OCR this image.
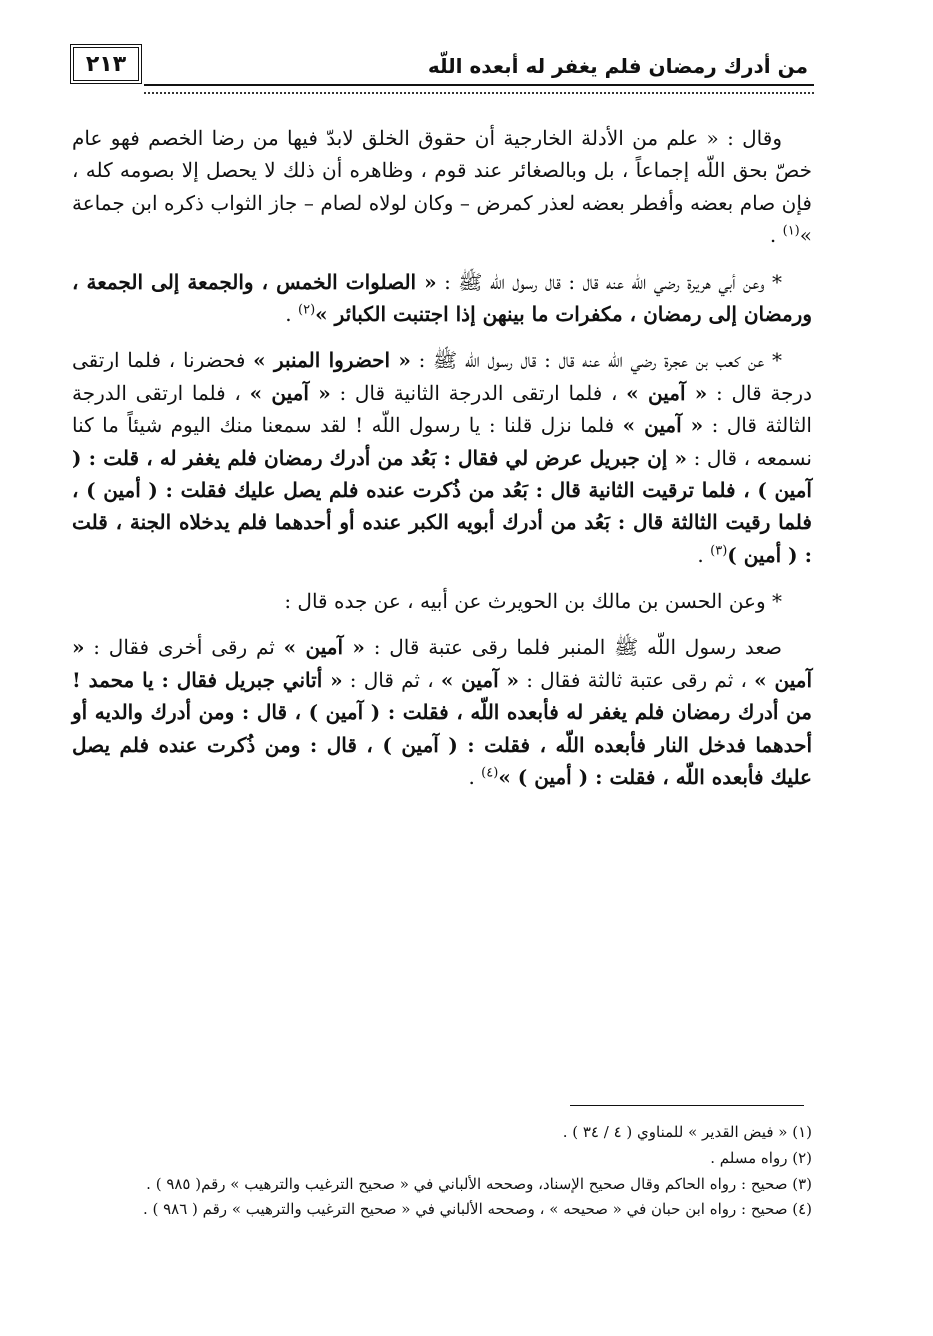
٢١٣	من أدرك رمضان فلم يغفر له أبعده اللّه

وقال : « علم من الأدلة الخارجية أن حقوق الخلق لابدّ فيها من رضا الخصم فهو عام خصّ بحق اللّه إجماعاً ، بل وبالصغائر عند قوم ، وظاهره أن ذلك لا يحصل إلا بصومه كله ، فإن صام بعضه وأفطر بعضه لعذر كمرض – وكان لولاه لصام – جاز الثواب ذكره ابن جماعة »$^{(١)}$ .

* وعن أبي هريرة رضي اللّه عنه قال : قال رسول اللّه ﷺ : « الصلوات الخمس ، والجمعة إلى الجمعة ، ورمضان إلى رمضان ، مكفرات ما بينهن إذا اجتنبت الكبائر »$^{(٢)}$ .

* عن كعب بن عجرة رضي اللّه عنه قال : قال رسول اللّه ﷺ : « احضروا المنبر » فحضرنا ، فلما ارتقى درجة قال : « آمين » ، فلما ارتقى الدرجة الثانية قال : « آمين » ، فلما ارتقى الدرجة الثالثة قال : « آمين » فلما نزل قلنا : يا رسول اللّه ! لقد سمعنا منك اليوم شيئاً ما كنا نسمعه ، قال : « إن جبريل عرض لي فقال : بَعُد من أدرك رمضان فلم يغفر له ، قلت : ( آمين ) ، فلما ترقيت الثانية قال : بَعُد من ذُكرت عنده فلم يصل عليك فقلت : ( أمين ) ، فلما رقيت الثالثة قال : بَعُد من أدرك أبويه الكبر عنده أو أحدهما فلم يدخلاه الجنة ، قلت : ( أمين )$^{(٣)}$ .

* وعن الحسن بن مالك بن الحويرث عن أبيه ، عن جده قال :

صعد رسول اللّه ﷺ المنبر فلما رقى عتبة قال : « آمين » ثم رقى أخرى فقال : « آمين » ، ثم رقى عتبة ثالثة فقال : « آمين » ، ثم قال : « أتاني جبريل فقال : يا محمد ! من أدرك رمضان فلم يغفر له فأبعده اللّه ، فقلت : ( آمين ) ، قال : ومن أدرك والديه أو أحدهما فدخل النار فأبعده اللّه ، فقلت : ( آمين ) ، قال : ومن ذُكرت عنده فلم يصل عليك فأبعده اللّه ، فقلت : ( أمين ) »$^{(٤)}$ .

(١) « فيض القدير » للمناوي ( ٤ / ٣٤ ) .

(٢) رواه مسلم .

(٣) صحيح : رواه الحاكم وقال صحيح الإسناد، وصححه الألباني في « صحيح الترغيب والترهيب » رقم( ٩٨٥ ) .

(٤) صحيح : رواه ابن حبان في « صحيحه » ، وصححه الألباني في « صحيح الترغيب والترهيب » رقم ( ٩٨٦ ) .
